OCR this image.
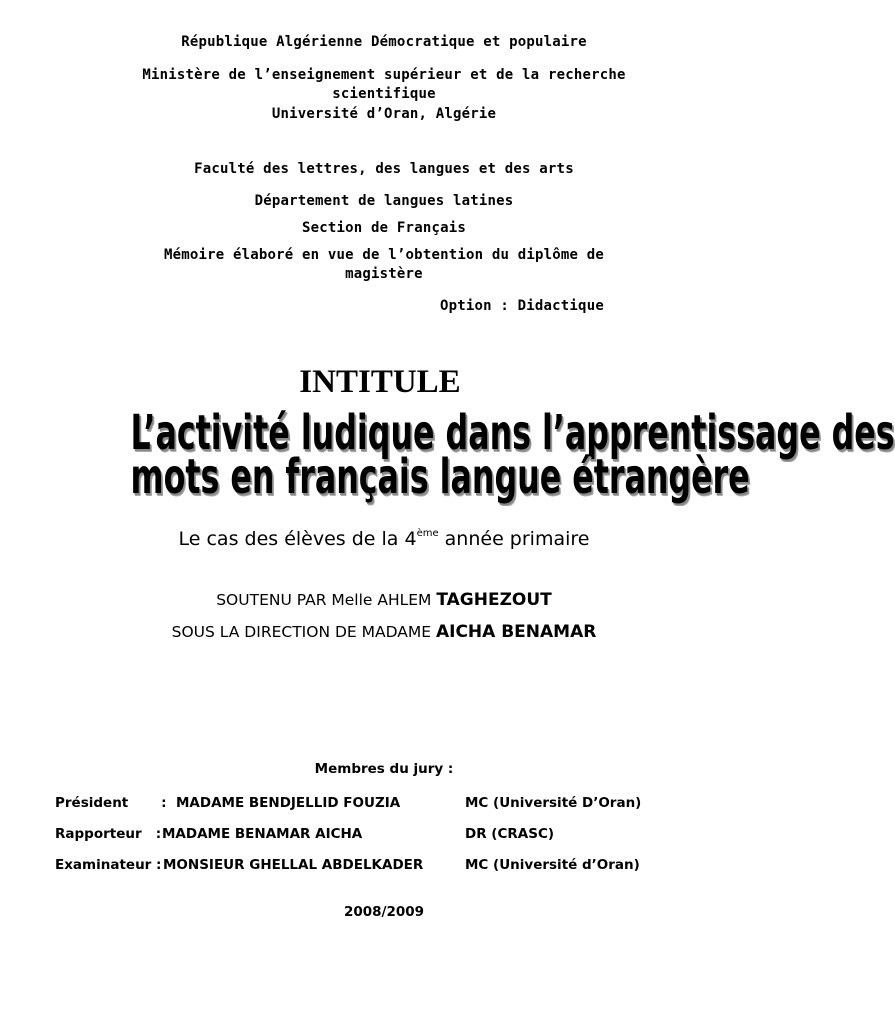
République Algérienne Démocratique et populaire
Ministère de l’enseignement supérieur et de la recherche
scientifique
Université d’Oran, Algérie
Faculté des lettres, des langues et des arts
Département de langues latines
Section de Français
Mémoire élaboré en vue de l’obtention du diplôme de
magistère
Option : Didactique
INTITULE
L’activité ludique dans l’apprentissage des
mots en français langue étrangère
Le cas des élèves de la 4ème année primaire
SOUTENU PAR Melle AHLEM TAGHEZOUT
SOUS LA DIRECTION DE MADAME AICHA BENAMAR
Membres du jury :
Président       : MADAME BENDJELLID FOUZIA	MC (Université D’Oran)
Rapporteur   : MADAME BENAMAR AICHA	DR (CRASC)
Examinateur : MONSIEUR GHELLAL ABDELKADER	MC (Université d’Oran)
2008/2009
